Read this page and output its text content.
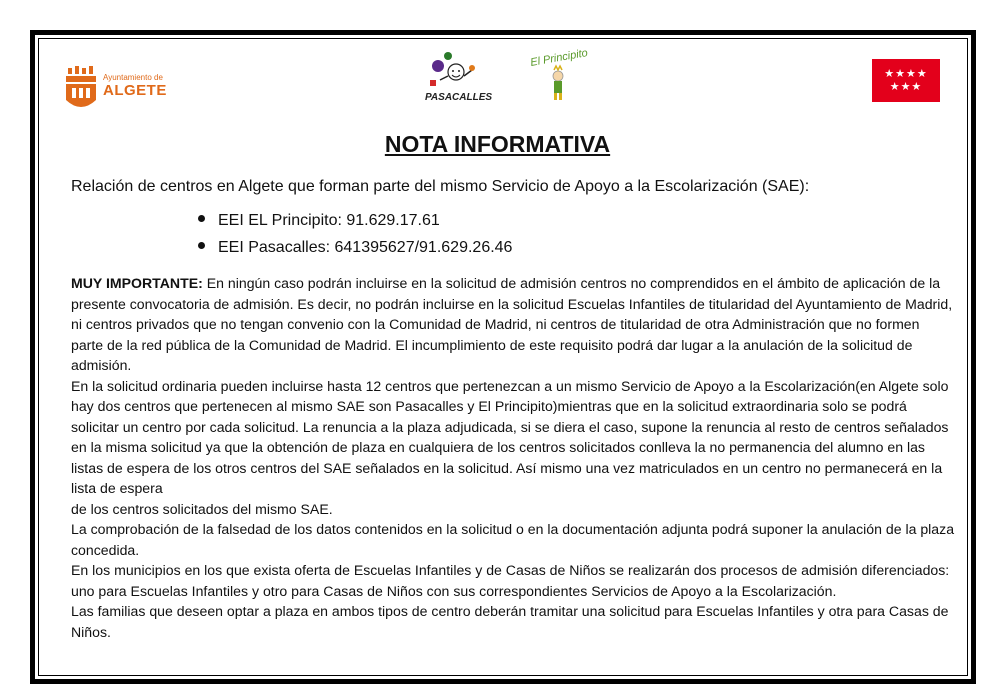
Ayuntamiento de
ALGETE	PASACALLES
El Principito
★★★★
★★★
NOTA INFORMATIVA
Relación de centros en Algete que forman parte del mismo Servicio de Apoyo a la Escolarización (SAE):
EEI EL Principito: 91.629.17.61
EEI Pasacalles: 641395627/91.629.26.46

MUY IMPORTANTE: En ningún caso podrán incluirse en la solicitud de admisión centros no comprendidos en el ámbito de aplicación de la presente convocatoria de admisión. Es decir, no podrán incluirse en la solicitud Escuelas Infantiles de titularidad del Ayuntamiento de Madrid, ni centros privados que no tengan convenio con la Comunidad de Madrid, ni centros de titularidad de otra Administración que no formen parte de la red pública de la Comunidad de Madrid. El incumplimiento de este requisito podrá dar lugar a la anulación de la solicitud de admisión.

En la solicitud ordinaria pueden incluirse hasta 12 centros que pertenezcan a un mismo Servicio de Apoyo a la Escolarización(en Algete solo hay dos centros que pertenecen al mismo SAE son Pasacalles y El Principito)mientras que en la solicitud extraordinaria solo se podrá solicitar un centro por cada solicitud. La renuncia a la plaza adjudicada, si se diera el caso, supone la renuncia al resto de centros señalados en la misma solicitud ya que la obtención de plaza en cualquiera de los centros solicitados conlleva la no permanencia del alumno en las listas de espera de los otros centros del SAE señalados en la solicitud. Así mismo una vez matriculados en un centro no permanecerá en la lista de espera

de los centros solicitados del mismo SAE.

La comprobación de la falsedad de los datos contenidos en la solicitud o en la documentación adjunta podrá suponer la anulación de la plaza concedida.

En los municipios en los que exista oferta de Escuelas Infantiles y de Casas de Niños se realizarán dos procesos de admisión diferenciados: uno para Escuelas Infantiles y otro para Casas de Niños con sus correspondientes Servicios de Apoyo a la Escolarización.

Las familias que deseen optar a plaza en ambos tipos de centro deberán tramitar una solicitud para Escuelas Infantiles y otra para Casas de Niños.
